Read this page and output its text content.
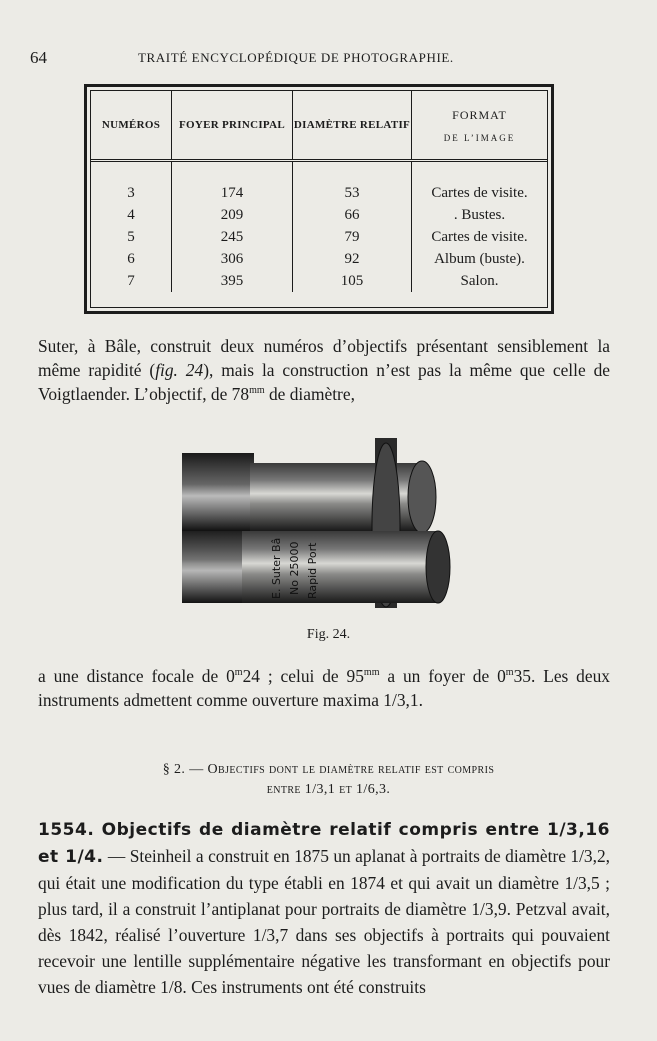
64	TRAITÉ ENCYCLOPÉDIQUE DE PHOTOGRAPHIE.
NUMÉROS	FOYER PRINCIPAL	DIAMÈTRE RELATIF	FORMAT
DE L’IMAGE

3	174	53	Cartes de visite.
4	209	66	. Bustes.
5	245	79	Cartes de visite.
6	306	92	Album (buste).
7	395	105	Salon.
Suter, à Bâle, construit deux numéros d’objectifs présentant sensiblement la même rapidité (fig. 24), mais la construction n’est pas la même que celle de Voigtlaender. L’objectif, de $78^{mm}$ de diamètre,
E. Suter Bâ No 25000 Rapid Port
Fig. 24.
a une distance focale de 0$^m$24 ; celui de $95^{mm}$ a un foyer de 0$^m$35. Les deux instruments admettent comme ouverture maxima 1/3,1.
§ 2. — Objectifs dont le diamètre relatif est compris
entre 1/3,1 et 1/6,3.
1554. Objectifs de diamètre relatif compris entre 1/3,16 et 1/4. — Steinheil a construit en 1875 un aplanat à portraits de diamètre 1/3,2, qui était une modification du type établi en 1874 et qui avait un diamètre 1/3,5 ; plus tard, il a construit l’antiplanat pour portraits de diamètre 1/3,9. Petzval avait, dès 1842, réalisé l’ouverture 1/3,7 dans ses objectifs à portraits qui pouvaient recevoir une lentille supplémentaire négative les transformant en objectifs pour vues de diamètre 1/8. Ces instruments ont été construits
